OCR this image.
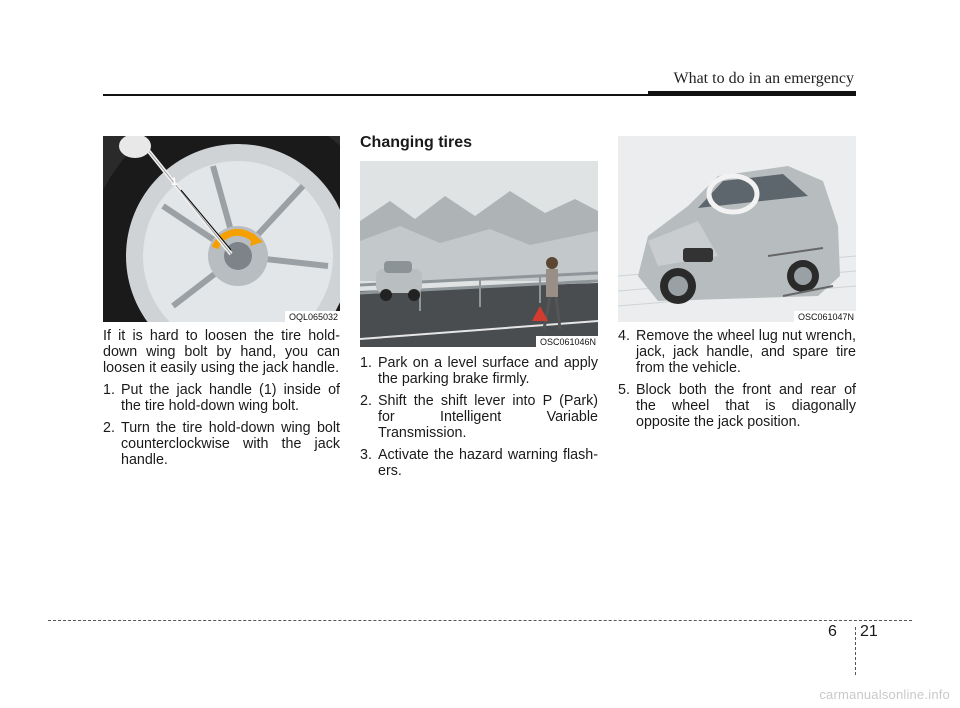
What to do in an emergency
1
OQL065032

If it is hard to loosen the tire hold-down wing bolt by hand, you can loosen it easily using the jack handle.

1. Put the jack handle (1) inside of the tire hold-down wing bolt.
2. Turn the tire hold-down wing bolt counterclockwise with the jack handle.
Changing tires
OSC061046N
1. Park on a level surface and apply the parking brake firmly.
2. Shift the shift lever into P (Park) for Intelligent Variable Transmission.
3. Activate the hazard warning flash-ers.
OSC061047N
4. Remove the wheel lug nut wrench, jack, jack handle, and spare tire from the vehicle.
5. Block both the front and rear of the wheel that is diagonally opposite the jack position.
6 21
carmanualsonline.info
